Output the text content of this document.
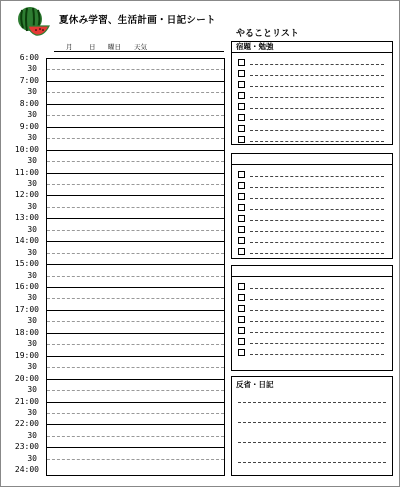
夏休み学習、生活計画・日記シート
月	日 曜日 天気
6:00
30
7:00
30
8:00
30
9:00
30
10:00
30
11:00
30
12:00
30
13:00
30
14:00
30
15:00
30
16:00
30
17:00
30
18:00
30
19:00
30
20:00
30
21:00
30
22:00
30
23:00
30
24:00
やることリスト
宿題・勉強
反省・日記
